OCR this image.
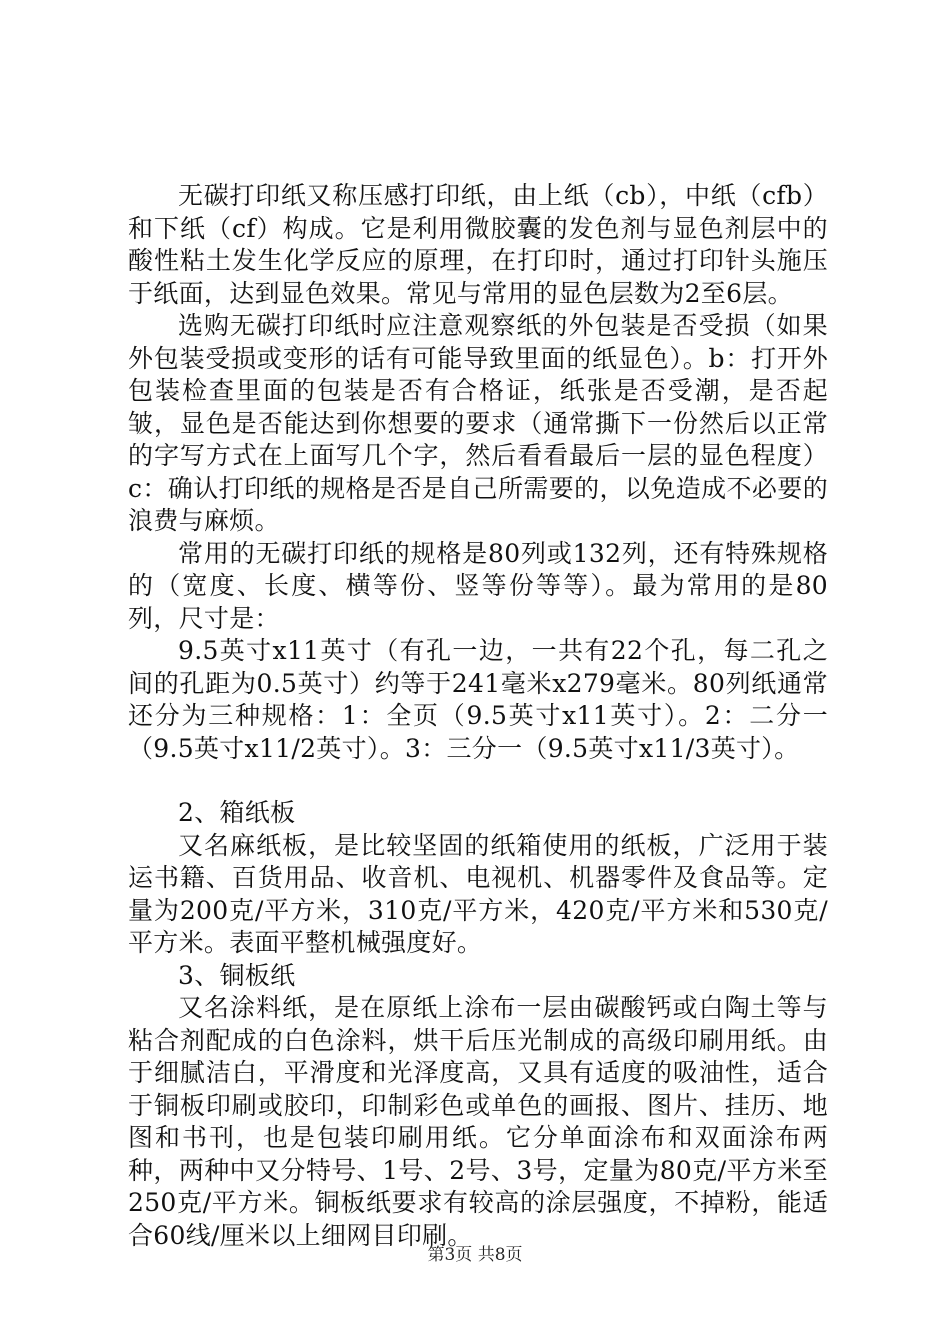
无碳打印纸又称压感打印纸，由上纸（cb），中纸（cfb）和下纸（cf）构成。它是利用微胶囊的发色剂与显色剂层中的酸性粘土发生化学反应的原理，在打印时，通过打印针头施压于纸面，达到显色效果。常见与常用的显色层数为2至6层。

选购无碳打印纸时应注意观察纸的外包装是否受损（如果外包装受损或变形的话有可能导致里面的纸显色）。b：打开外包装检查里面的包装是否有合格证，纸张是否受潮，是否起皱，显色是否能达到你想要的要求（通常撕下一份然后以正常的字写方式在上面写几个字，然后看看最后一层的显色程度）c：确认打印纸的规格是否是自己所需要的，以免造成不必要的浪费与麻烦。

常用的无碳打印纸的规格是80列或132列，还有特殊规格的（宽度、长度、横等份、竖等份等等）。最为常用的是80列，尺寸是：

9.5英寸x11英寸（有孔一边，一共有22个孔，每二孔之间的孔距为0.5英寸）约等于241毫米x279毫米。80列纸通常还分为三种规格：1：全页（9.5英寸x11英寸）。2：二分一（9.5英寸x11/2英寸）。3：三分一（9.5英寸x11/3英寸）。

2、箱纸板

又名麻纸板，是比较坚固的纸箱使用的纸板，广泛用于装运书籍、百货用品、收音机、电视机、机器零件及食品等。定量为200克/平方米，310克/平方米，420克/平方米和530克/平方米。表面平整机械强度好。

3、铜板纸

又名涂料纸，是在原纸上涂布一层由碳酸钙或白陶土等与粘合剂配成的白色涂料，烘干后压光制成的高级印刷用纸。由于细腻洁白，平滑度和光泽度高，又具有适度的吸油性，适合于铜板印刷或胶印，印制彩色或单色的画报、图片、挂历、地图和书刊，也是包装印刷用纸。它分单面涂布和双面涂布两种，两种中又分特号、1号、2号、3号，定量为80克/平方米至250克/平方米。铜板纸要求有较高的涂层强度，不掉粉，能适合60线/厘米以上细网目印刷。

第3页 共8页
